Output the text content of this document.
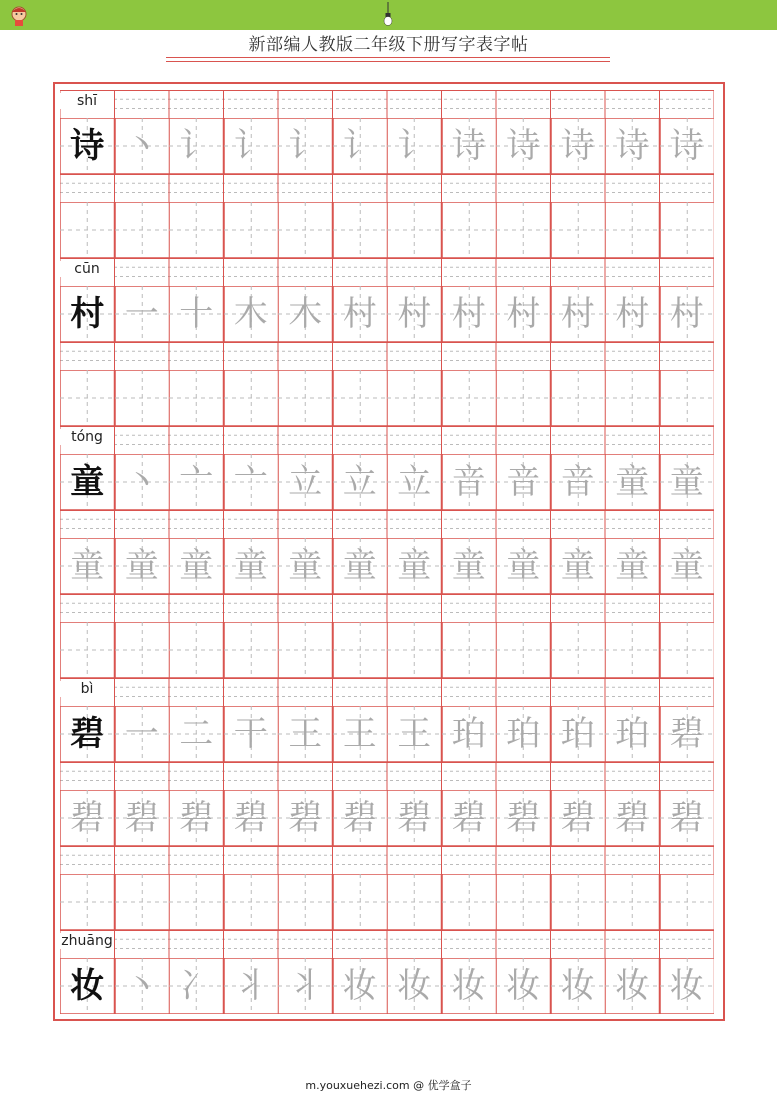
新部编人教版二年级下册写字表字帖
shī
诗 丶 讠 讠 讠 讠 讠 诗 诗 诗 诗 诗
cūn
村 一 十 木 木 村 村 村 村 村 村 村
tóng
童 丶 亠 亠 立 立 立 音 音 音 童 童
童 童 童 童 童 童 童 童 童 童 童 童
bì
碧 一 二 干 王 王 王 珀 珀 珀 珀 碧
碧 碧 碧 碧 碧 碧 碧 碧 碧 碧 碧 碧
zhuāng
妆 丶 冫 丬 丬 妆 妆 妆 妆 妆 妆 妆
m.youxuehezi.com @ 优学盒子
